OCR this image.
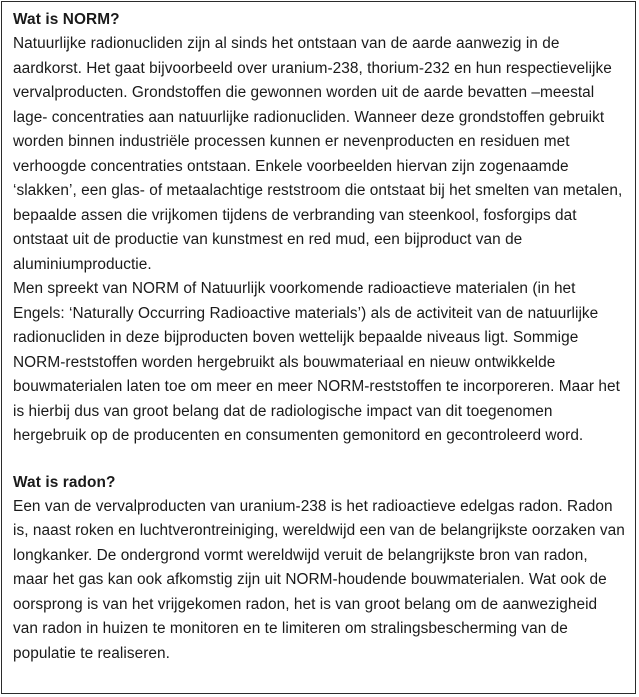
Wat is NORM?

Natuurlijke radionucliden zijn al sinds het ontstaan van de aarde aanwezig in de aardkorst. Het gaat bijvoorbeeld over uranium-238, thorium-232 en hun respectievelijke vervalproducten. Grondstoffen die gewonnen worden uit de aarde bevatten –meestal lage- concentraties aan natuurlijke radionucliden. Wanneer deze grondstoffen gebruikt worden binnen industriële processen kunnen er nevenproducten en residuen met verhoogde concentraties ontstaan. Enkele voorbeelden hiervan zijn zogenaamde ‘slakken’, een glas- of metaalachtige reststroom die ontstaat bij het smelten van metalen, bepaalde assen die vrijkomen tijdens de verbranding van steenkool, fosforgips dat ontstaat uit de productie van kunstmest en red mud, een bijproduct van de aluminiumproductie.

Men spreekt van NORM of Natuurlijk voorkomende radioactieve materialen (in het Engels: ‘Naturally Occurring Radioactive materials’) als de activiteit van de natuurlijke radionucliden in deze bijproducten boven wettelijk bepaalde niveaus ligt. Sommige NORM-reststoffen worden hergebruikt als bouwmateriaal en nieuw ontwikkelde bouwmaterialen laten toe om meer en meer NORM-reststoffen te incorporeren. Maar het is hierbij dus van groot belang dat de radiologische impact van dit toegenomen hergebruik op de producenten en consumenten gemonitord en gecontroleerd word.

Wat is radon?

Een van de vervalproducten van uranium-238 is het radioactieve edelgas radon. Radon is, naast roken en luchtverontreiniging, wereldwijd een van de belangrijkste oorzaken van longkanker. De ondergrond vormt wereldwijd veruit de belangrijkste bron van radon, maar het gas kan ook afkomstig zijn uit NORM-houdende bouwmaterialen. Wat ook de oorsprong is van het vrijgekomen radon, het is van groot belang om de aanwezigheid van radon in huizen te monitoren en te limiteren om stralingsbescherming van de populatie te realiseren.
